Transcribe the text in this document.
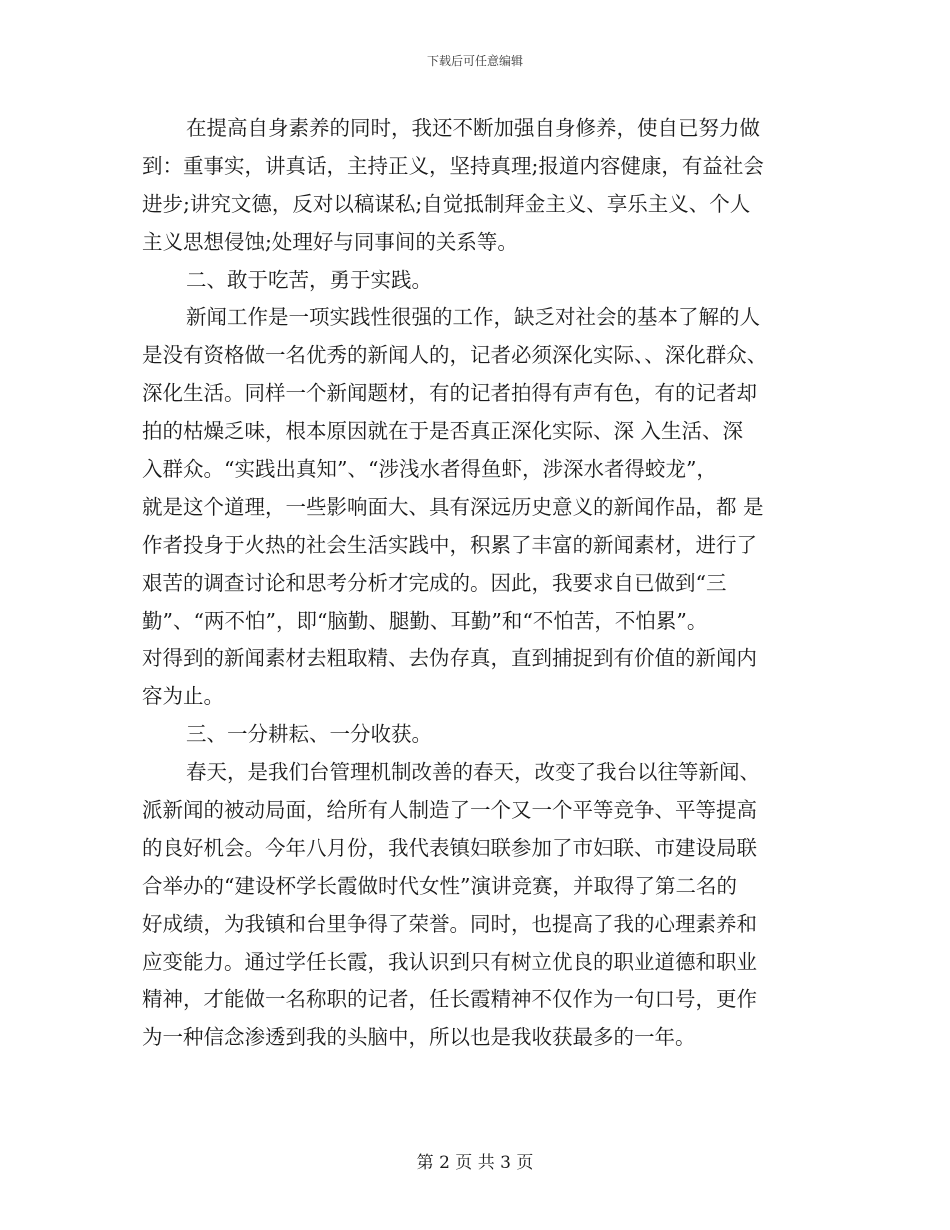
下载后可任意编辑
在提高自身素养的同时，我还不断加强自身修养，使自已努力做
到：重事实，讲真话，主持正义，坚持真理;报道内容健康，有益社会
进步;讲究文德，反对以稿谋私;自觉抵制拜金主义、享乐主义、个人
主义思想侵蚀;处理好与同事间的关系等。
二、敢于吃苦，勇于实践。
新闻工作是一项实践性很强的工作，缺乏对社会的基本了解的人
是没有资格做一名优秀的新闻人的，记者必须深化实际、、深化群众、
深化生活。同样一个新闻题材，有的记者拍得有声有色，有的记者却
拍的枯燥乏味，根本原因就在于是否真正深化实际、深 入生活、深
入群众。“实践出真知”、“涉浅水者得鱼虾，涉深水者得蛟龙”，
就是这个道理，一些影响面大、具有深远历史意义的新闻作品，都 是
作者投身于火热的社会生活实践中，积累了丰富的新闻素材，进行了
艰苦的调查讨论和思考分析才完成的。因此，我要求自已做到“三
勤”、“两不怕”，即“脑勤、腿勤、耳勤”和“不怕苦，不怕累”。
对得到的新闻素材去粗取精、去伪存真，直到捕捉到有价值的新闻内
容为止。
三、一分耕耘、一分收获。
春天，是我们台管理机制改善的春天，改变了我台以往等新闻、
派新闻的被动局面，给所有人制造了一个又一个平等竞争、平等提高
的良好机会。今年八月份，我代表镇妇联参加了市妇联、市建设局联
合举办的“建设杯学长霞做时代女性”演讲竞赛，并取得了第二名的
好成绩，为我镇和台里争得了荣誉。同时，也提高了我的心理素养和
应变能力。通过学任长霞，我认识到只有树立优良的职业道德和职业
精神，才能做一名称职的记者，任长霞精神不仅作为一句口号，更作
为一种信念渗透到我的头脑中，所以也是我收获最多的一年。
第 2 页 共 3 页
